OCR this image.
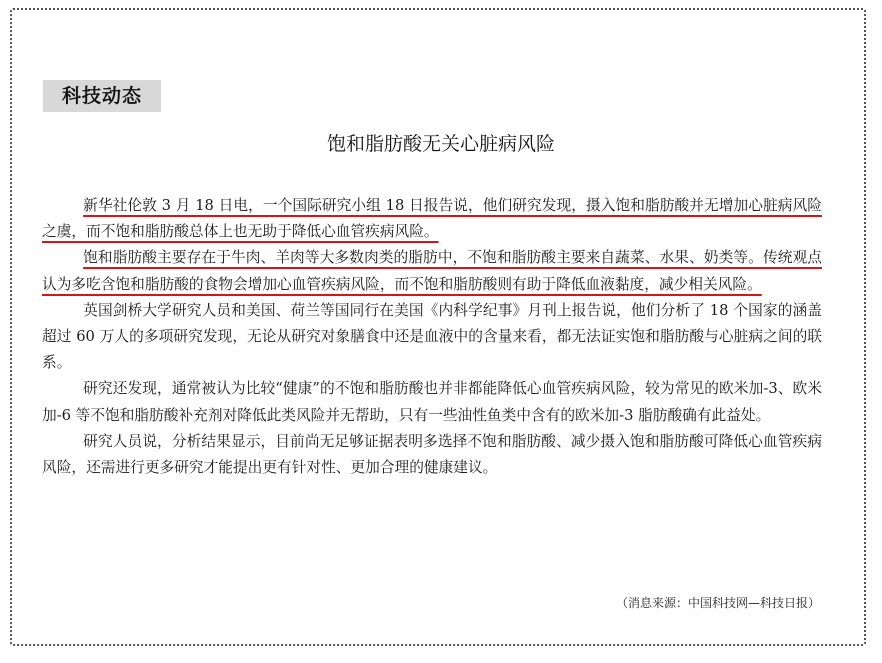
科技动态
饱和脂肪酸无关心脏病风险

新华社伦敦 3 月 18 日电，一个国际研究小组 18 日报告说，他们研究发现，摄入饱和脂肪酸并无增加心脏病风险之虞，而不饱和脂肪酸总体上也无助于降低心血管疾病风险。

饱和脂肪酸主要存在于牛肉、羊肉等大多数肉类的脂肪中，不饱和脂肪酸主要来自蔬菜、水果、奶类等。传统观点认为多吃含饱和脂肪酸的食物会增加心血管疾病风险，而不饱和脂肪酸则有助于降低血液黏度，减少相关风险。

英国剑桥大学研究人员和美国、荷兰等国同行在美国《内科学纪事》月刊上报告说，他们分析了 18 个国家的涵盖超过 60 万人的多项研究发现，无论从研究对象膳食中还是血液中的含量来看，都无法证实饱和脂肪酸与心脏病之间的联系。

研究还发现，通常被认为比较“健康”的不饱和脂肪酸也并非都能降低心血管疾病风险，较为常见的欧米加-3、欧米加-6 等不饱和脂肪酸补充剂对降低此类风险并无帮助，只有一些油性鱼类中含有的欧米加-3 脂肪酸确有此益处。

研究人员说，分析结果显示，目前尚无足够证据表明多选择不饱和脂肪酸、减少摄入饱和脂肪酸可降低心血管疾病风险，还需进行更多研究才能提出更有针对性、更加合理的健康建议。

（消息来源：中国科技网—科技日报）
